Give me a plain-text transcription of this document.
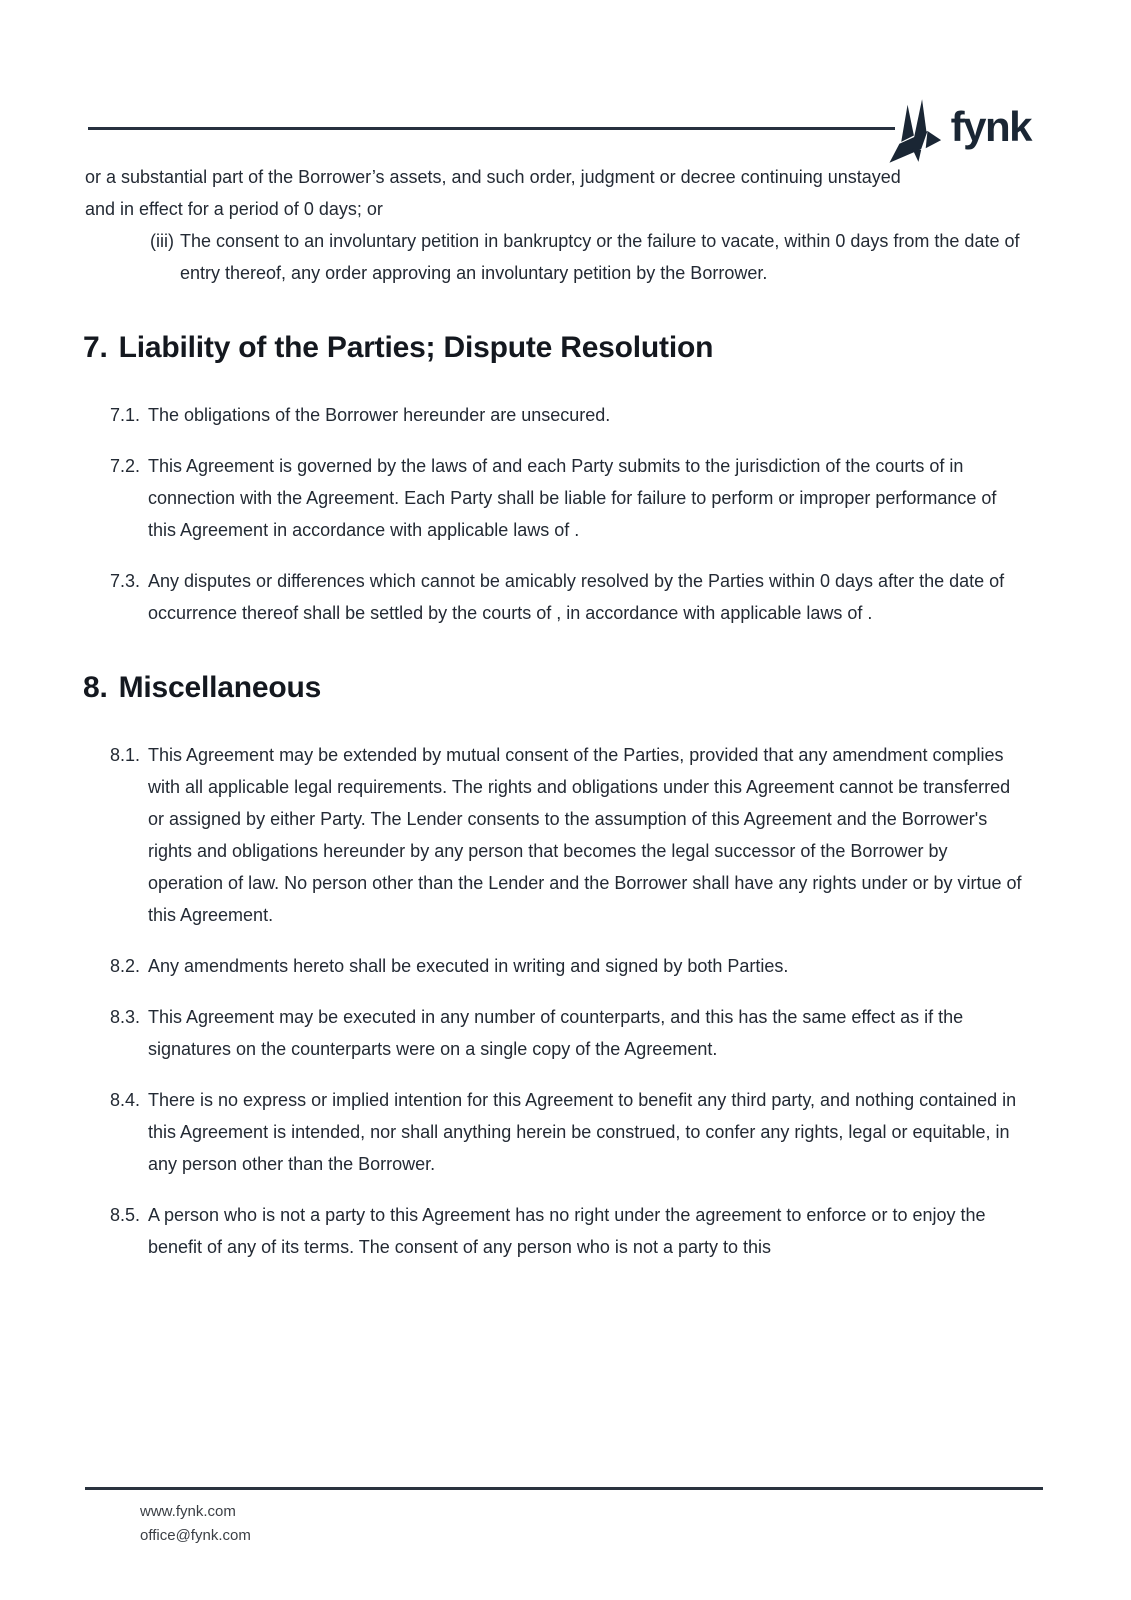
fynk

or a substantial part of the Borrower’s assets, and such order, judgment or decree continuing unstayed and in effect for a period of 0 days; or

(iii) The consent to an involuntary petition in bankruptcy or the failure to vacate, within 0 days from the date of entry thereof, any order approving an involuntary petition by the Borrower.

7. Liability of the Parties; Dispute Resolution
7.1. The obligations of the Borrower hereunder are unsecured.

7.2. This Agreement is governed by the laws of and each Party submits to the jurisdiction of the courts of in connection with the Agreement. Each Party shall be liable for failure to perform or improper performance of this Agreement in accordance with applicable laws of .

7.3. Any disputes or differences which cannot be amicably resolved by the Parties within 0 days after the date of occurrence thereof shall be settled by the courts of , in accordance with applicable laws of .

8. Miscellaneous
8.1. This Agreement may be extended by mutual consent of the Parties, provided that any amendment complies with all applicable legal requirements. The rights and obligations under this Agreement cannot be transferred or assigned by either Party. The Lender consents to the assumption of this Agreement and the Borrower's rights and obligations hereunder by any person that becomes the legal successor of the Borrower by operation of law. No person other than the Lender and the Borrower shall have any rights under or by virtue of this Agreement.

8.2. Any amendments hereto shall be executed in writing and signed by both Parties.

8.3. This Agreement may be executed in any number of counterparts, and this has the same effect as if the signatures on the counterparts were on a single copy of the Agreement.

8.4. There is no express or implied intention for this Agreement to benefit any third party, and nothing contained in this Agreement is intended, nor shall anything herein be construed, to confer any rights, legal or equitable, in any person other than the Borrower.

8.5. A person who is not a party to this Agreement has no right under the agreement to enforce or to enjoy the benefit of any of its terms. The consent of any person who is not a party to this

www.fynk.com
office@fynk.com
